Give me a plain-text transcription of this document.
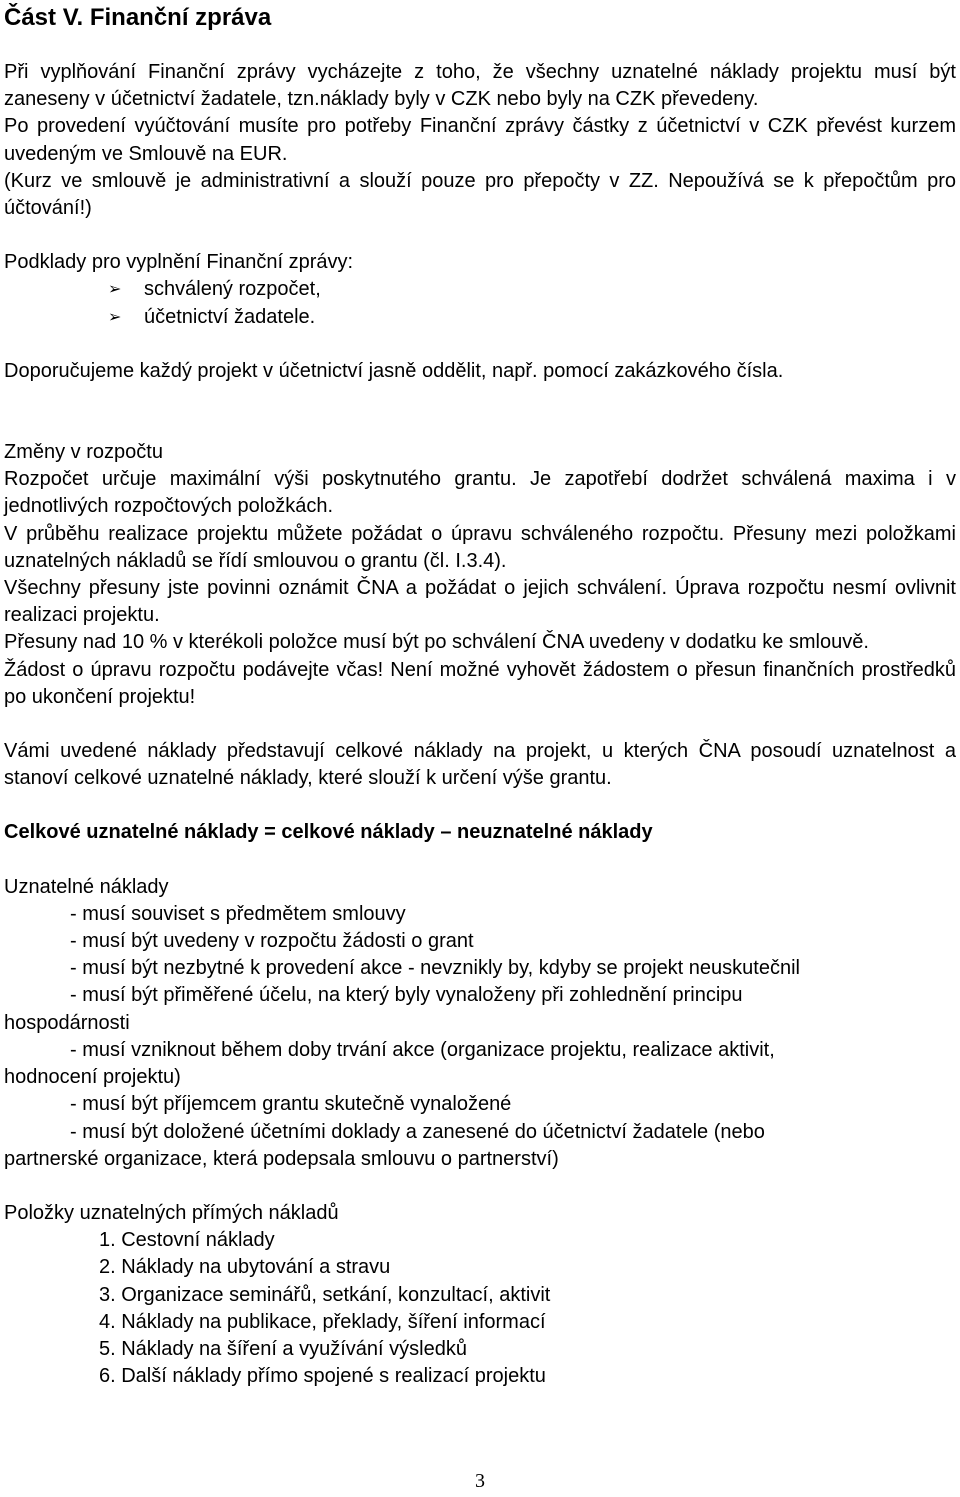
Část V. Finanční zpráva

Při vyplňování Finanční zprávy vycházejte z toho, že všechny uznatelné náklady projektu musí být zaneseny v účetnictví žadatele, tzn.náklady byly v CZK nebo byly na CZK převedeny.

Po provedení vyúčtování musíte pro potřeby Finanční zprávy částky z účetnictví v CZK převést kurzem uvedeným ve Smlouvě na EUR.

(Kurz ve smlouvě je administrativní a slouží pouze pro přepočty v ZZ. Nepoužívá se k přepočtům pro účtování!)

Podklady pro vyplnění Finanční zprávy:

➢ schválený rozpočet,
➢ účetnictví žadatele.

Doporučujeme každý projekt v účetnictví jasně oddělit, např. pomocí zakázkového čísla.

Změny v rozpočtu

Rozpočet určuje maximální výši poskytnutého grantu. Je zapotřebí dodržet schválená maxima i v jednotlivých rozpočtových položkách.

V průběhu realizace projektu můžete požádat o úpravu schváleného rozpočtu. Přesuny mezi položkami uznatelných nákladů se řídí smlouvou o grantu (čl. I.3.4).

Všechny přesuny jste povinni oznámit ČNA a požádat o jejich schválení. Úprava rozpočtu nesmí ovlivnit realizaci projektu.

Přesuny nad 10 % v kterékoli položce musí být po schválení ČNA uvedeny v dodatku ke smlouvě.

Žádost o úpravu rozpočtu podávejte včas! Není možné vyhovět žádostem o přesun finančních prostředků po ukončení projektu!

Vámi uvedené náklady představují celkové náklady na projekt, u kterých ČNA posoudí uznatelnost a stanoví celkové uznatelné náklady, které slouží k určení výše grantu.

Celkové uznatelné náklady = celkové náklady – neuznatelné náklady

Uznatelné náklady

- musí souviset s předmětem smlouvy
- musí být uvedeny v rozpočtu žádosti o grant
- musí být nezbytné k provedení akce - nevznikly by, kdyby se projekt neuskutečnil
- musí být přiměřené účelu, na který byly vynaloženy při zohlednění principu

hospodárnosti

- musí vzniknout během doby trvání akce (organizace projektu, realizace aktivit,

hodnocení projektu)

- musí být příjemcem grantu skutečně vynaložené
- musí být doložené účetními doklady a zanesené do účetnictví žadatele (nebo

partnerské organizace, která podepsala smlouvu o partnerství)

Položky uznatelných přímých nákladů

1. Cestovní náklady
2. Náklady na ubytování a stravu
3. Organizace seminářů, setkání, konzultací, aktivit
4. Náklady na publikace, překlady, šíření informací
5. Náklady na šíření a využívání výsledků
6. Další náklady přímo spojené s realizací projektu
3
